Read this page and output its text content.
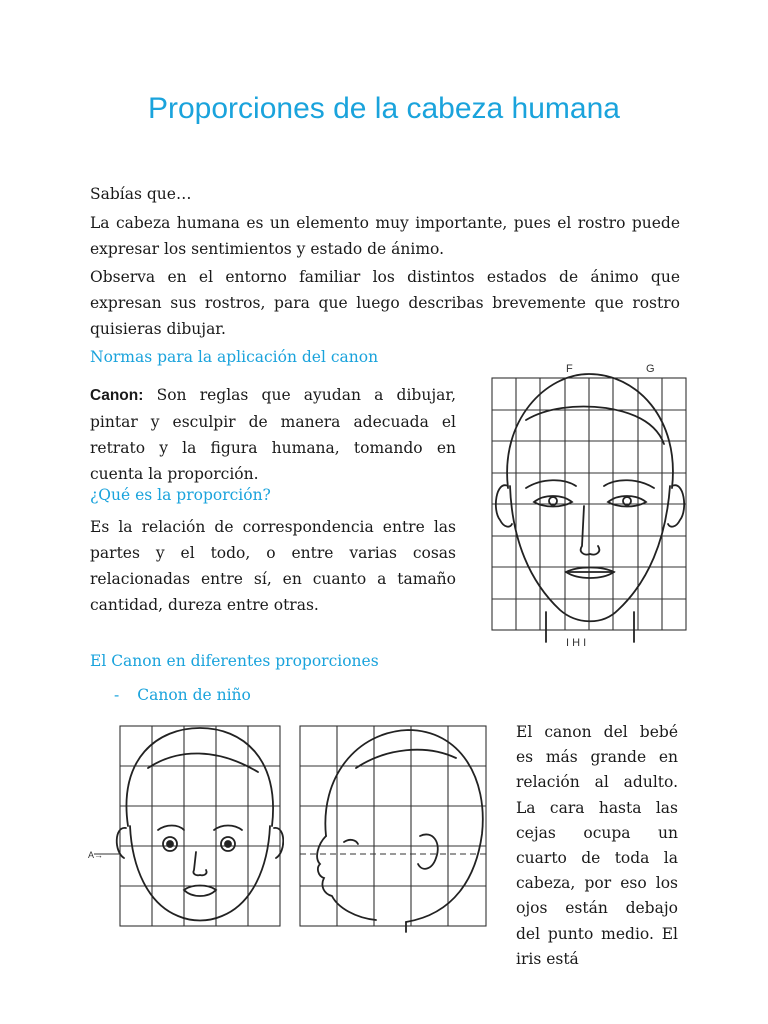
Proporciones de la cabeza humana

Sabías que…

La cabeza humana es un elemento muy importante, pues el rostro puede expresar los sentimientos y estado de ánimo.

Observa en el entorno familiar los distintos estados de ánimo que expresan sus rostros, para que luego describas brevemente que rostro quisieras dibujar.

Normas para la aplicación del canon

Canon: Son reglas que ayudan a dibujar, pintar y esculpir de manera adecuada el retrato y la figura humana, tomando en cuenta la proporción.

¿Qué es la proporción?

Es la relación de correspondencia entre las partes y el todo, o entre varias cosas relacionadas entre sí, en cuanto a tamaño cantidad, dureza entre otras.

F	G
I H I

El Canon en diferentes proporciones

- Canon de niño

A→

El canon del bebé es más grande en relación al adulto. La cara hasta las cejas ocupa un cuarto de toda la cabeza, por eso los ojos están debajo del punto medio. El iris está
